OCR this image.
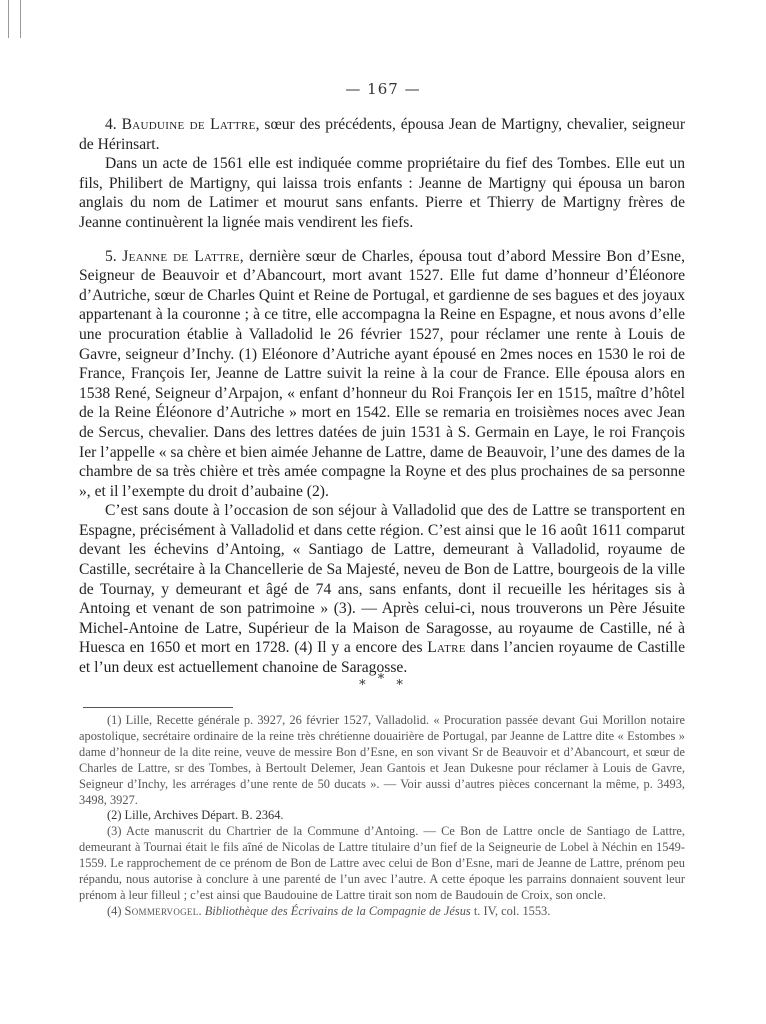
— 167 —

4. Bauduine de Lattre, sœur des précédents, épousa Jean de Martigny, chevalier, seigneur de Hérinsart.

Dans un acte de 1561 elle est indiquée comme propriétaire du fief des Tombes. Elle eut un fils, Philibert de Martigny, qui laissa trois enfants : Jeanne de Martigny qui épousa un baron anglais du nom de Latimer et mourut sans enfants. Pierre et Thierry de Martigny frères de Jeanne continuèrent la lignée mais vendirent les fiefs.

5. Jeanne de Lattre, dernière sœur de Charles, épousa tout d’abord Messire Bon d’Esne, Seigneur de Beauvoir et d’Abancourt, mort avant 1527. Elle fut dame d’honneur d’Éléonore d’Autriche, sœur de Charles Quint et Reine de Portugal, et gardienne de ses bagues et des joyaux appartenant à la couronne ; à ce titre, elle accompagna la Reine en Espagne, et nous avons d’elle une procuration établie à Valladolid le 26 février 1527, pour réclamer une rente à Louis de Gavre, seigneur d’Inchy. (1) Eléonore d’Autriche ayant épousé en 2mes noces en 1530 le roi de France, François Ier, Jeanne de Lattre suivit la reine à la cour de France. Elle épousa alors en 1538 René, Seigneur d’Arpajon, « enfant d’honneur du Roi François Ier en 1515, maître d’hôtel de la Reine Éléonore d’Autriche » mort en 1542. Elle se remaria en troisièmes noces avec Jean de Sercus, chevalier. Dans des lettres datées de juin 1531 à S. Germain en Laye, le roi François Ier l’appelle « sa chère et bien aimée Jehanne de Lattre, dame de Beauvoir, l’une des dames de la chambre de sa très chière et très amée compagne la Royne et des plus prochaines de sa personne », et il l’exempte du droit d’aubaine (2).

C’est sans doute à l’occasion de son séjour à Valladolid que des de Lattre se transportent en Espagne, précisément à Valladolid et dans cette région. C’est ainsi que le 16 août 1611 comparut devant les échevins d’Antoing, « Santiago de Lattre, demeurant à Valladolid, royaume de Castille, secrétaire à la Chancellerie de Sa Majesté, neveu de Bon de Lattre, bourgeois de la ville de Tournay, y demeurant et âgé de 74 ans, sans enfants, dont il recueille les héritages sis à Antoing et venant de son patrimoine » (3). — Après celui-ci, nous trouverons un Père Jésuite Michel-Antoine de Latre, Supérieur de la Maison de Saragosse, au royaume de Castille, né à Huesca en 1650 et mort en 1728. (4) Il y a encore des Latre dans l’ancien royaume de Castille et l’un deux est actuellement chanoine de Saragosse.

* * *

(1) Lille, Recette générale p. 3927, 26 février 1527, Valladolid. « Procuration passée devant Gui Morillon notaire apostolique, secrétaire ordinaire de la reine très chrétienne douairière de Portugal, par Jeanne de Lattre dite « Estombes » dame d’honneur de la dite reine, veuve de messire Bon d’Esne, en son vivant Sr de Beauvoir et d’Abancourt, et sœur de Charles de Lattre, sr des Tombes, à Bertoult Delemer, Jean Gantois et Jean Dukesne pour réclamer à Louis de Gavre, Seigneur d’Inchy, les arrérages d’une rente de 50 ducats ». — Voir aussi d’autres pièces concernant la même, p. 3493, 3498, 3927.

(2) Lille, Archives Départ. B. 2364.

(3) Acte manuscrit du Chartrier de la Commune d’Antoing. — Ce Bon de Lattre oncle de Santiago de Lattre, demeurant à Tournai était le fils aîné de Nicolas de Lattre titulaire d’un fief de la Seigneurie de Lobel à Néchin en 1549-1559. Le rapprochement de ce prénom de Bon de Lattre avec celui de Bon d’Esne, mari de Jeanne de Lattre, prénom peu répandu, nous autorise à conclure à une parenté de l’un avec l’autre. A cette époque les parrains donnaient souvent leur prénom à leur filleul ; c’est ainsi que Baudouine de Lattre tirait son nom de Baudouin de Croix, son oncle.

(4) Sommervogel. Bibliothèque des Écrivains de la Compagnie de Jésus t. IV, col. 1553.
